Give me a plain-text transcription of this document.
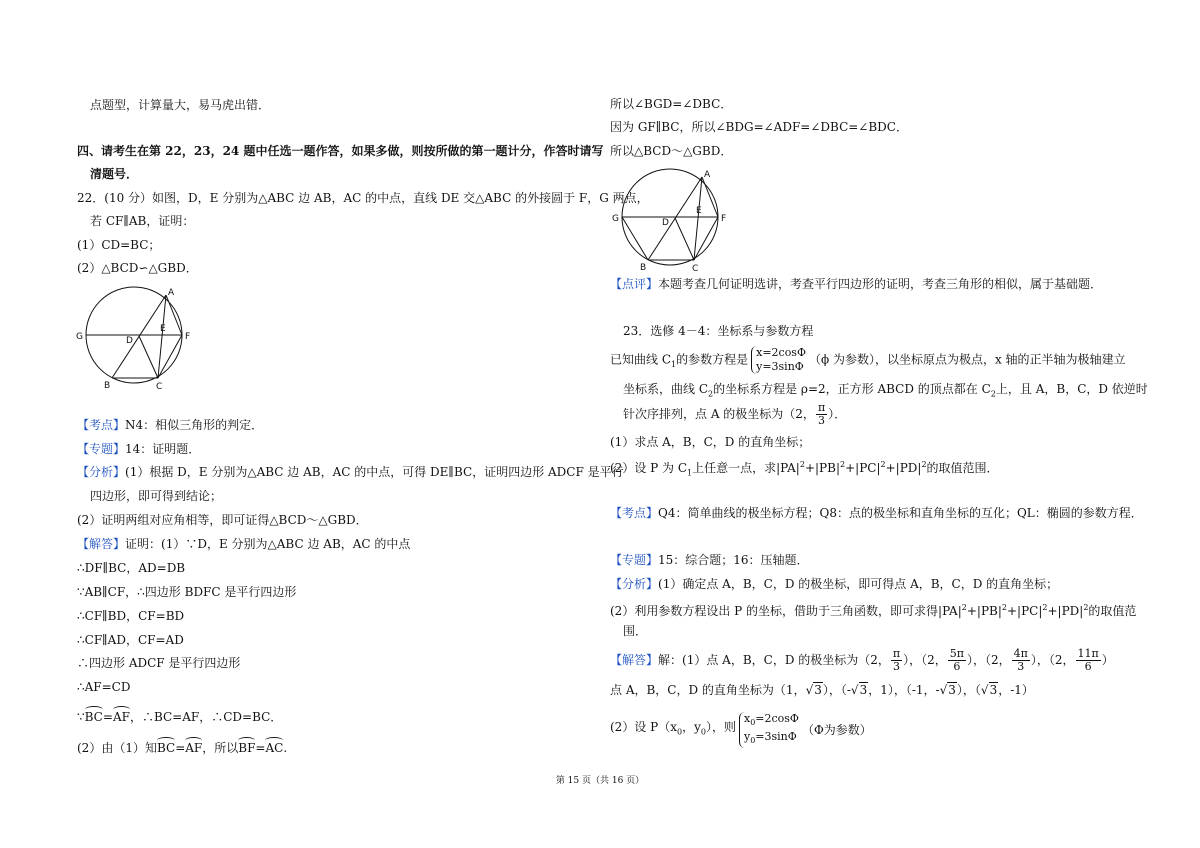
点题型，计算量大，易马虎出错．
四、请考生在第 22，23，24 题中任选一题作答，如果多做，则按所做的第一题计分，作答时请写
清题号．
22．(10 分）如图，D，E 分别为△ABC 边 AB，AC 的中点，直线 DE 交△ABC 的外接圆于 F，G 两点，
若 CF∥AB，证明：
(1）CD=BC；
(2）△BCD∽△GBD．
A
G	D
E
F
B	C
【考点】N4：相似三角形的判定．
【专题】14：证明题．
【分析】(1）根据 D，E 分别为△ABC 边 AB，AC 的中点，可得 DE∥BC，证明四边形 ADCF 是平行
四边形，即可得到结论；
(2）证明两组对应角相等，即可证得△BCD～△GBD．
【解答】证明：(1）∵D，E 分别为△ABC 边 AB，AC 的中点
∴DF∥BC，AD=DB
∵AB∥CF，∴四边形 BDFC 是平行四边形
∴CF∥BD，CF=BD
∴CF∥AD，CF=AD
∴四边形 ADCF 是平行四边形
∴AF=CD
∵BC=AF，∴BC=AF，∴CD=BC．
(2）由（1）知BC=AF，所以BF=AC.
所以∠BGD=∠DBC．
因为 GF∥BC，所以∠BDG=∠ADF=∠DBC=∠BDC．
所以△BCD～△GBD．
A
G	D
E
F
B	C
【点评】本题考查几何证明选讲，考查平行四边形的证明，考查三角形的相似，属于基础题．
23．选修 4－4：坐标系与参数方程
已知曲线 $C_1$的参数方程是 x=2cosΦ
y=3sinΦ （ϕ 为参数），以坐标原点为极点，x 轴的正半轴为极轴建立
坐标系，曲线 $C_2$的坐标系方程是 ρ=2，正方形 ABCD 的顶点都在 $C_2$上，且 A，B，C，D 依逆时
针次序排列，点 A 的极坐标为（2， $\frac{\pi}{3}$ ）．
(1）求点 A，B，C，D 的直角坐标；
(2）设 P 为 $C_1$上任意一点，求$|PA|^2+|PB|^2+|PC|^2+|PD|^2$的取值范围．
【考点】Q4：简单曲线的极坐标方程；Q8：点的极坐标和直角坐标的互化；QL：椭圆的参数方程．
【专题】15：综合题；16：压轴题．
【分析】(1）确定点 A，B，C，D 的极坐标，即可得点 A，B，C，D 的直角坐标；
(2）利用参数方程设出 P 的坐标，借助于三角函数，即可求得$|PA|^2+|PB|^2+|PC|^2+|PD|^2$的取值范
围．
【解答】解：(1）点 A，B，C，D 的极坐标为（2， $\frac{\pi}{3}$ ），（2， $\frac{5\pi}{6}$ ），（2， $\frac{4\pi}{3}$ ），（2， $\frac{11\pi}{6}$ ）
点 A，B，C，D 的直角坐标为（1，√3），（-√3，1），（-1，-√3），（√3，-1）
(2）设 $P(x_0$，$y_0$），则
$x_0=2\cos\Phi$
$y_0=3\sin\Phi$ （Φ为参数）
第 15 页（共 16 页）
